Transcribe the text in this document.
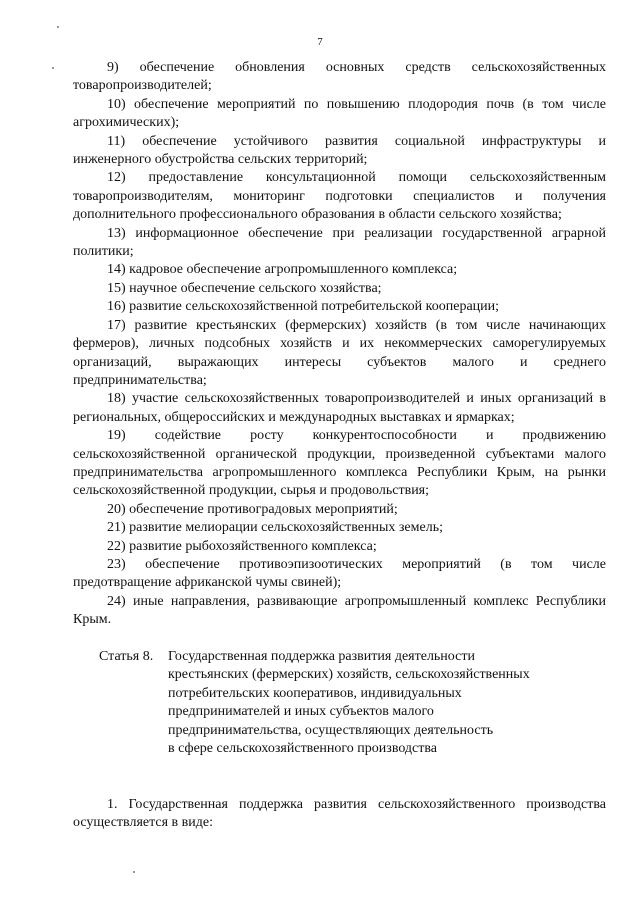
7

9) обеспечение обновления основных средств сельскохозяйственных товаропроизводителей;

10) обеспечение мероприятий по повышению плодородия почв (в том числе агрохимических);

11) обеспечение устойчивого развития социальной инфраструктуры и инженерного обустройства сельских территорий;

12) предоставление консультационной помощи сельскохозяйственным товаропроизводителям, мониторинг подготовки специалистов и получения дополнительного профессионального образования в области сельского хозяйства;

13) информационное обеспечение при реализации государственной аграрной политики;

14) кадровое обеспечение агропромышленного комплекса;

15) научное обеспечение сельского хозяйства;

16) развитие сельскохозяйственной потребительской кооперации;

17) развитие крестьянских (фермерских) хозяйств (в том числе начинающих фермеров), личных подсобных хозяйств и их некоммерческих саморегулируемых организаций, выражающих интересы субъектов малого и среднего предпринимательства;

18) участие сельскохозяйственных товаропроизводителей и иных организаций в региональных, общероссийских и международных выставках и ярмарках;

19) содействие росту конкурентоспособности и продвижению сельскохозяйственной органической продукции, произведенной субъектами малого предпринимательства агропромышленного комплекса Республики Крым, на рынки сельскохозяйственной продукции, сырья и продовольствия;

20) обеспечение противоградовых мероприятий;

21) развитие мелиорации сельскохозяйственных земель;

22) развитие рыбохозяйственного комплекса;

23) обеспечение противоэпизоотических мероприятий (в том числе предотвращение африканской чумы свиней);

24) иные направления, развивающие агропромышленный комплекс Республики Крым.

Статья 8. Государственная поддержка развития деятельности
крестьянских (фермерских) хозяйств, сельскохозяйственных
потребительских кооперативов, индивидуальных
предпринимателей и иных субъектов малого
предпринимательства, осуществляющих деятельность
в сфере сельскохозяйственного производства

1. Государственная поддержка развития сельскохозяйственного производства осуществляется в виде:
